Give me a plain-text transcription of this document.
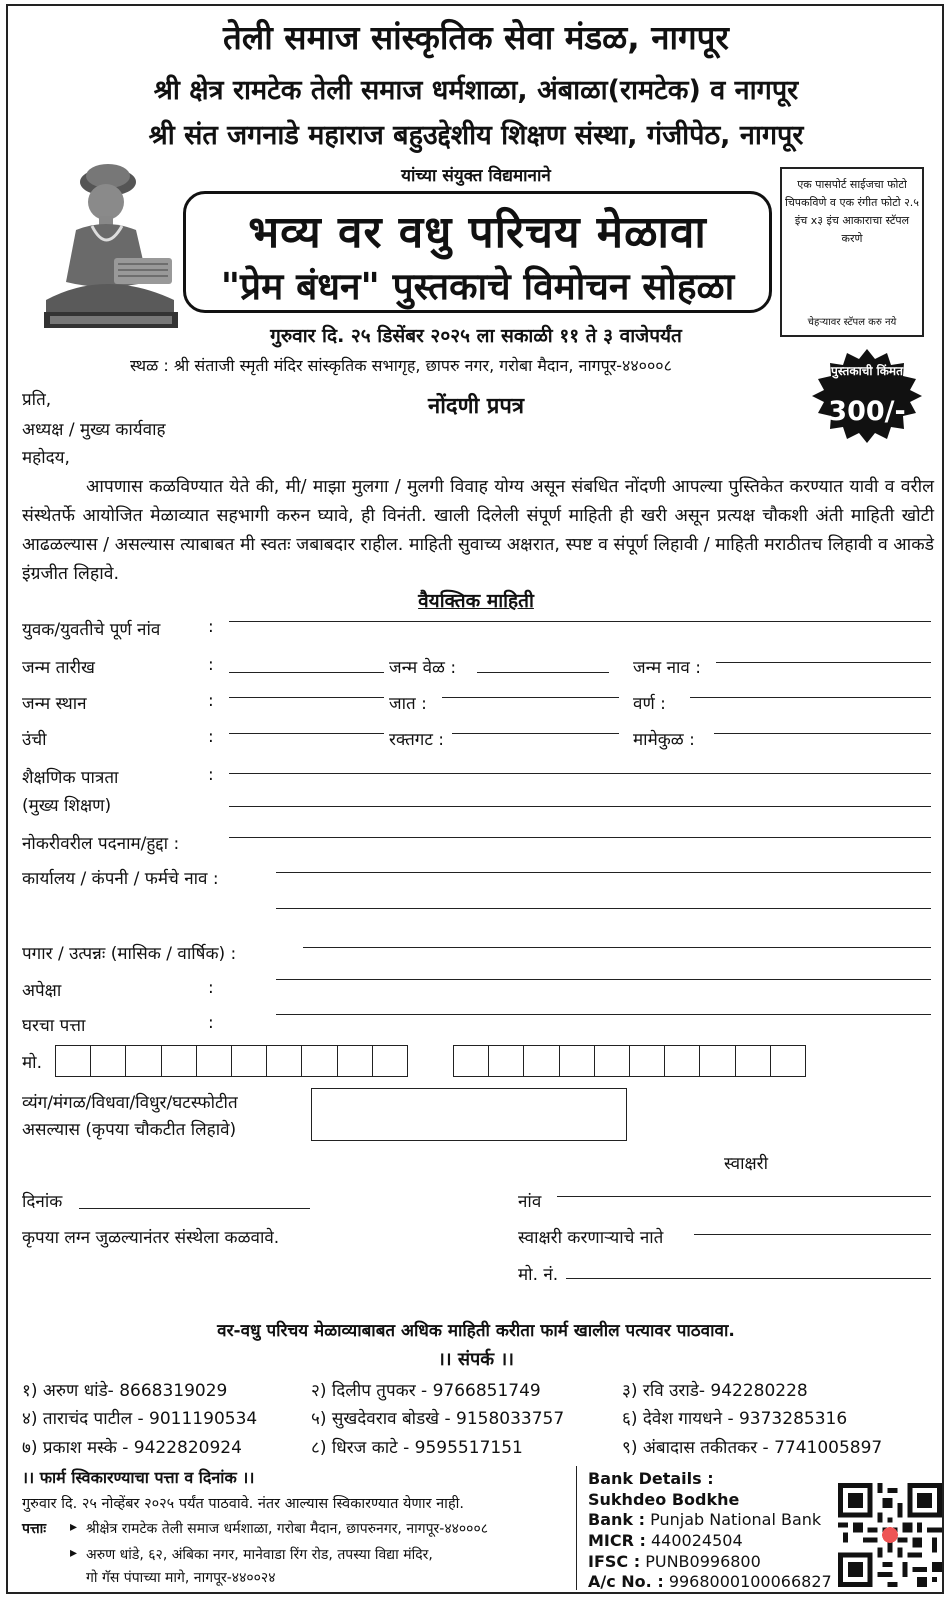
तेली समाज सांस्कृतिक सेवा मंडळ, नागपूर
श्री क्षेत्र रामटेक तेली समाज धर्मशाळा, अंबाळा(रामटेक) व नागपूर
श्री संत जगनाडे महाराज बहुउद्देशीय शिक्षण संस्था, गंजीपेठ, नागपूर
यांच्या संयुक्त विद्यमानाने
भव्य वर वधु परिचय मेळावा
"प्रेम बंधन" पुस्तकाचे विमोचन सोहळा
एक पासपोर्ट साईजचा फोटो चिपकविणे व एक रंगीत फोटो २.५ इंच x३ इंच आकाराचा स्टॅपल करणे
चेहऱ्यावर स्टॅपल करु नये
गुरुवार दि. २५ डिसेंबर २०२५ ला सकाळी ११ ते ३ वाजेपर्यंत
स्थळ : श्री संताजी स्मृती मंदिर सांस्कृतिक सभागृह, छापरु नगर, गरोबा मैदान, नागपूर-४४०००८	पुस्तकाची किंमत
300/-
प्रति,	नोंदणी प्रपत्र
अध्यक्ष / मुख्य कार्यवाह
महोदय,
आपणास कळविण्यात येते की, मी/ माझा मुलगा / मुलगी विवाह योग्य असून संबधित नोंदणी आपल्या पुस्तिकेत करण्यात यावी व वरील संस्थेतर्फे आयोजित मेळाव्यात सहभागी करुन घ्यावे, ही विनंती. खाली दिलेली संपूर्ण माहिती ही खरी असून प्रत्यक्ष चौकशी अंती माहिती खोटी आढळल्यास / असल्यास त्याबाबत मी स्वतः जबाबदार राहील. माहिती सुवाच्य अक्षरात, स्पष्ट व संपूर्ण लिहावी / माहिती मराठीतच लिहावी व आकडे इंग्रजीत लिहावे.
वैयक्तिक माहिती
युवक/युवतीचे पूर्ण नांव	:
जन्म तारीख	:	जन्म वेळ :	जन्म नाव :
जन्म स्थान	:	जात :	वर्ण :
उंची	:	रक्तगट :	मामेकुळ :
शैक्षणिक पात्रता	:
(मुख्य शिक्षण)
नोकरीवरील पदनाम/हुद्दा :
कार्यालय / कंपनी / फर्मचे नाव :
पगार / उत्पन्नः (मासिक / वार्षिक) :
अपेक्षा	:
घरचा पत्ता	:
मो.
व्यंग/मंगळ/विधवा/विधुर/घटस्फोटीत
असल्यास (कृपया चौकटीत लिहावे)
स्वाक्षरी
दिनांक	नांव
कृपया लग्न जुळल्यानंतर संस्थेला कळवावे.	स्वाक्षरी करणाऱ्याचे नाते
मो. नं.
वर-वधु परिचय मेळाव्याबाबत अधिक माहिती करीता फार्म खालील पत्यावर पाठवावा.
।। संपर्क ।।
१) अरुण धांडे- 8668319029	२) दिलीप तुपकर - 9766851749	३) रवि उराडे- 942280228
४) ताराचंद पाटील - 9011190534	५) सुखदेवराव बोडखे - 9158033757	६) देवेश गायधने - 9373285316
७) प्रकाश मस्के - 9422820924	८) धिरज काटे - 9595517151	९) अंबादास तकीतकर - 7741005897
।। फार्म स्विकारण्याचा पत्ता व दिनांक ।।
गुरुवार दि. २५ नोव्हेंबर २०२५ पर्यंत पाठवावे. नंतर आल्यास स्विकारण्यात येणार नाही.
पत्ताः ▸ श्रीक्षेत्र रामटेक तेली समाज धर्मशाळा, गरोबा मैदान, छापरुनगर, नागपूर-४४०००८
▸ अरुण धांडे, ६२, अंबिका नगर, मानेवाडा रिंग रोड, तपस्या विद्या मंदिर,
गो गॅस पंपाच्या मागे, नागपूर-४४००२४
Bank Details :
Sukhdeo Bodkhe
Bank : Punjab National Bank
MICR : 440024504
IFSC : PUNB0996800
A/c No. : 9968000100066827
